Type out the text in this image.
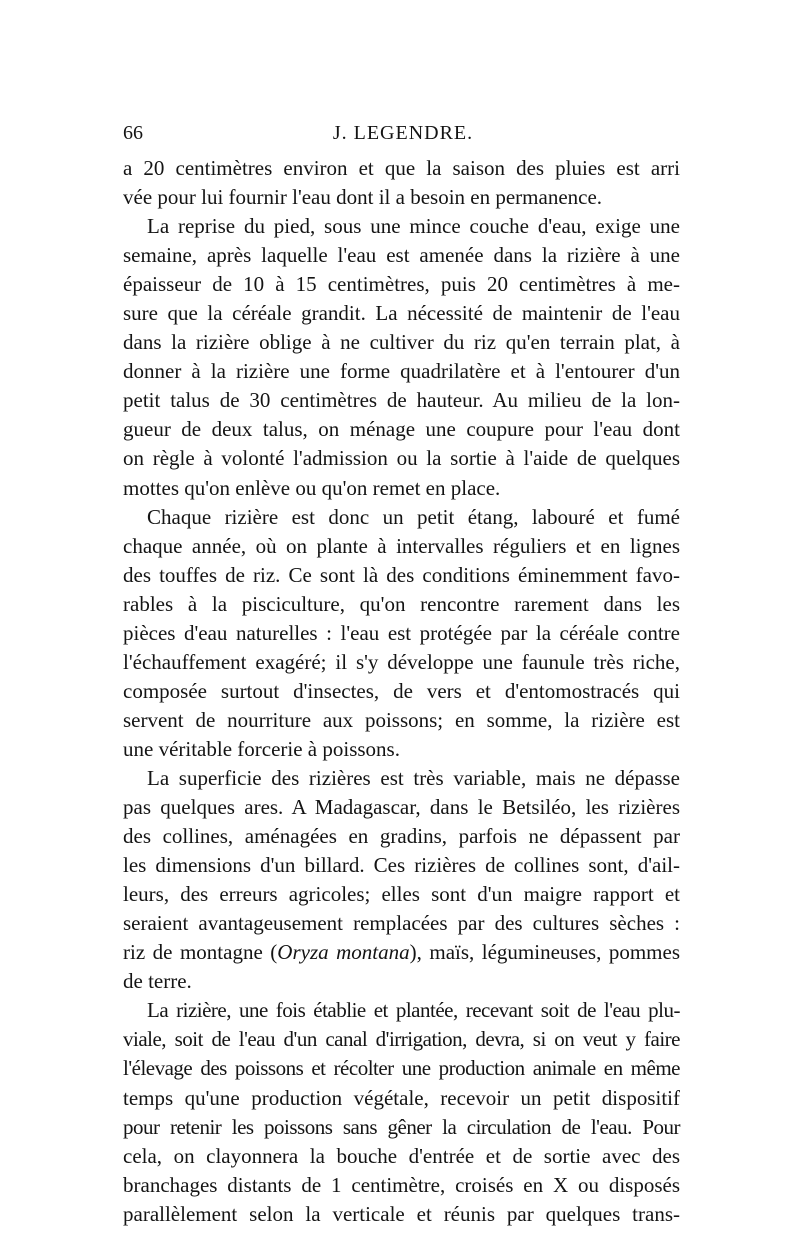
66	J. LEGENDRE.
a 20 centimètres environ et que la saison des pluies est arri
vée pour lui fournir l'eau dont il a besoin en permanence.
La reprise du pied, sous une mince couche d'eau, exige une
semaine, après laquelle l'eau est amenée dans la rizière à une
épaisseur de 10 à 15 centimètres, puis 20 centimètres à me-
sure que la céréale grandit. La nécessité de maintenir de l'eau
dans la rizière oblige à ne cultiver du riz qu'en terrain plat, à
donner à la rizière une forme quadrilatère et à l'entourer d'un
petit talus de 30 centimètres de hauteur. Au milieu de la lon-
gueur de deux talus, on ménage une coupure pour l'eau dont
on règle à volonté l'admission ou la sortie à l'aide de quelques
mottes qu'on enlève ou qu'on remet en place.
Chaque rizière est donc un petit étang, labouré et fumé
chaque année, où on plante à intervalles réguliers et en lignes
des touffes de riz. Ce sont là des conditions éminemment favo-
rables à la pisciculture, qu'on rencontre rarement dans les
pièces d'eau naturelles : l'eau est protégée par la céréale contre
l'échauffement exagéré; il s'y développe une faunule très riche,
composée surtout d'insectes, de vers et d'entomostracés qui
servent de nourriture aux poissons; en somme, la rizière est
une véritable forcerie à poissons.
La superficie des rizières est très variable, mais ne dépasse
pas quelques ares. A Madagascar, dans le Betsiléo, les rizières
des collines, aménagées en gradins, parfois ne dépassent par
les dimensions d'un billard. Ces rizières de collines sont, d'ail-
leurs, des erreurs agricoles; elles sont d'un maigre rapport et
seraient avantageusement remplacées par des cultures sèches :
riz de montagne (Oryza montana), maïs, légumineuses, pommes
de terre.
La rizière, une fois établie et plantée, recevant soit de l'eau plu-
viale, soit de l'eau d'un canal d'irrigation, devra, si on veut y faire
l'élevage des poissons et récolter une production animale en même
temps qu'une production végétale, recevoir un petit dispositif
pour retenir les poissons sans gêner la circulation de l'eau. Pour
cela, on clayonnera la bouche d'entrée et de sortie avec des
branchages distants de 1 centimètre, croisés en X ou disposés
parallèlement selon la verticale et réunis par quelques trans-
